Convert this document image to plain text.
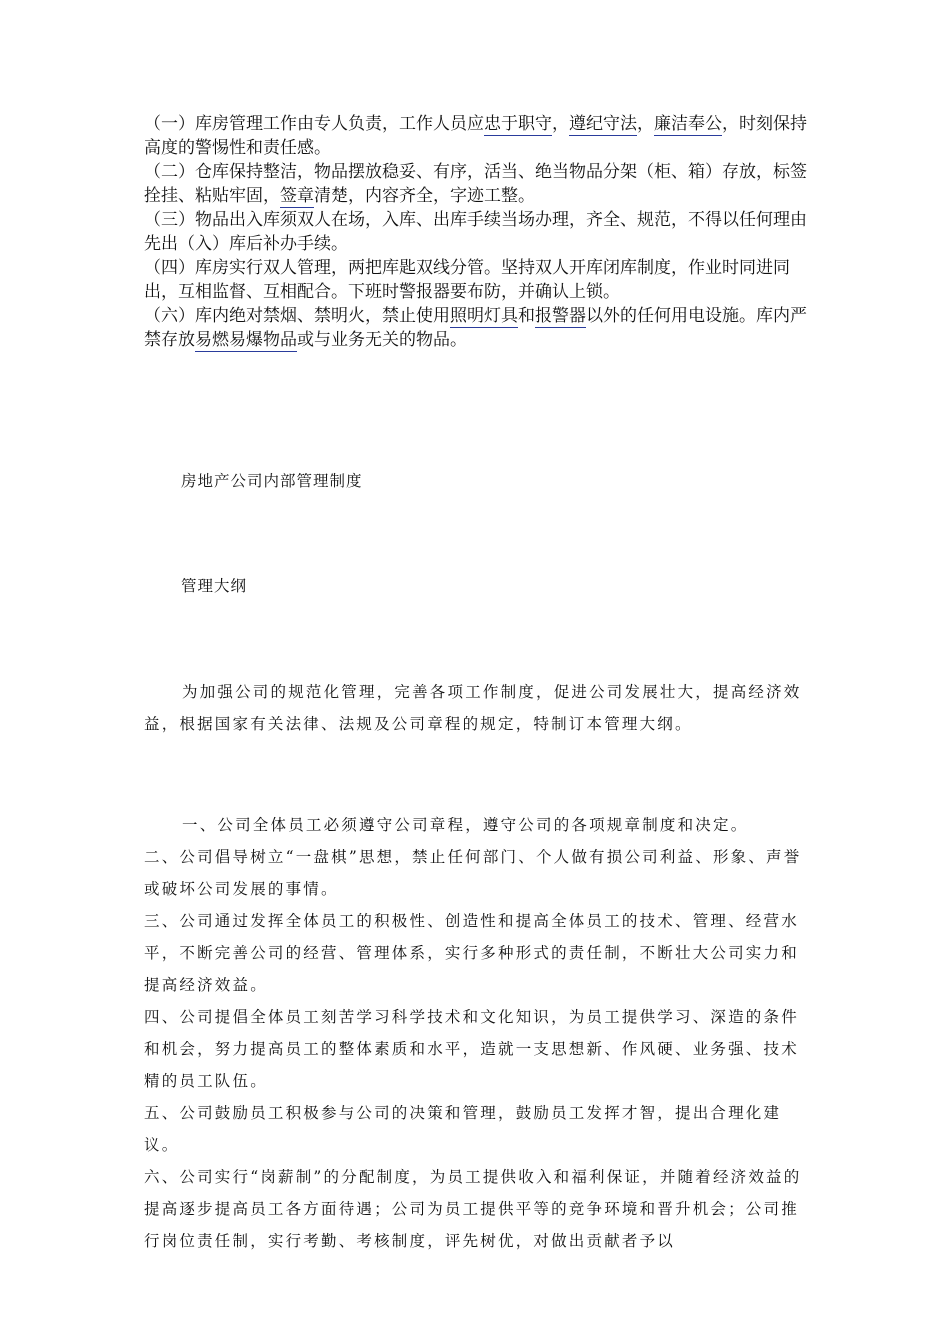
（一）库房管理工作由专人负责，工作人员应忠于职守，遵纪守法，廉洁奉公，时刻保持高度的警惕性和责任感。

（二）仓库保持整洁，物品摆放稳妥、有序，活当、绝当物品分架（柜、箱）存放，标签拴挂、粘贴牢固，签章清楚，内容齐全，字迹工整。

（三）物品出入库须双人在场，入库、出库手续当场办理，齐全、规范，不得以任何理由先出（入）库后补办手续。

（四）库房实行双人管理，两把库匙双线分管。坚持双人开库闭库制度，作业时同进同出，互相监督、互相配合。下班时警报器要布防，并确认上锁。

（六）库内绝对禁烟、禁明火，禁止使用照明灯具和报警器以外的任何用电设施。库内严禁存放易燃易爆物品或与业务无关的物品。

房地产公司内部管理制度

管理大纲

为加强公司的规范化管理，完善各项工作制度，促进公司发展壮大，提高经济效益，根据国家有关法律、法规及公司章程的规定，特制订本管理大纲。

一、公司全体员工必须遵守公司章程，遵守公司的各项规章制度和决定。

二、公司倡导树立“一盘棋”思想，禁止任何部门、个人做有损公司利益、形象、声誉或破坏公司发展的事情。

三、公司通过发挥全体员工的积极性、创造性和提高全体员工的技术、管理、经营水平，不断完善公司的经营、管理体系，实行多种形式的责任制，不断壮大公司实力和提高经济效益。

四、公司提倡全体员工刻苦学习科学技术和文化知识，为员工提供学习、深造的条件和机会，努力提高员工的整体素质和水平，造就一支思想新、作风硬、业务强、技术精的员工队伍。

五、公司鼓励员工积极参与公司的决策和管理，鼓励员工发挥才智，提出合理化建议。

六、公司实行“岗薪制”的分配制度，为员工提供收入和福利保证，并随着经济效益的提高逐步提高员工各方面待遇；公司为员工提供平等的竞争环境和晋升机会；公司推行岗位责任制，实行考勤、考核制度，评先树优，对做出贡献者予以
